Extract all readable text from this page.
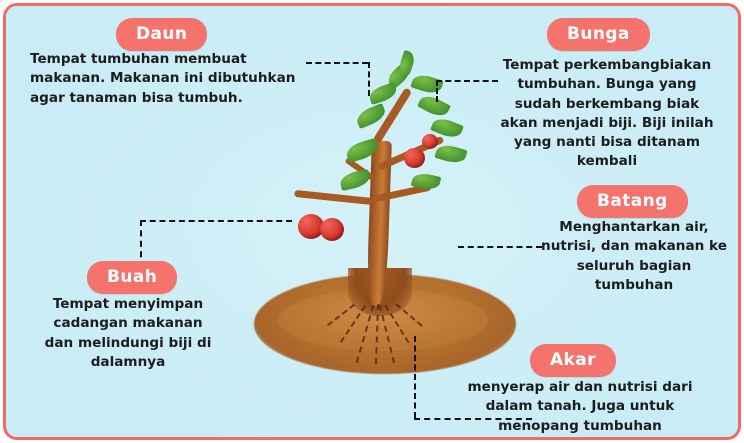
Daun
Tempat tumbuhan membuat makanan. Makanan ini dibutuhkan agar tanaman bisa tumbuh.
Bunga
Tempat perkembangbiakan tumbuhan. Bunga yang sudah berkembang biak akan menjadi biji. Biji inilah yang nanti bisa ditanam kembali
Batang
Menghantarkan air, nutrisi, dan makanan ke seluruh bagian tumbuhan
Buah
Tempat menyimpan cadangan makanan dan melindungi biji di dalamnya	Akar
menyerap air dan nutrisi dari dalam tanah. Juga untuk menopang tumbuhan
